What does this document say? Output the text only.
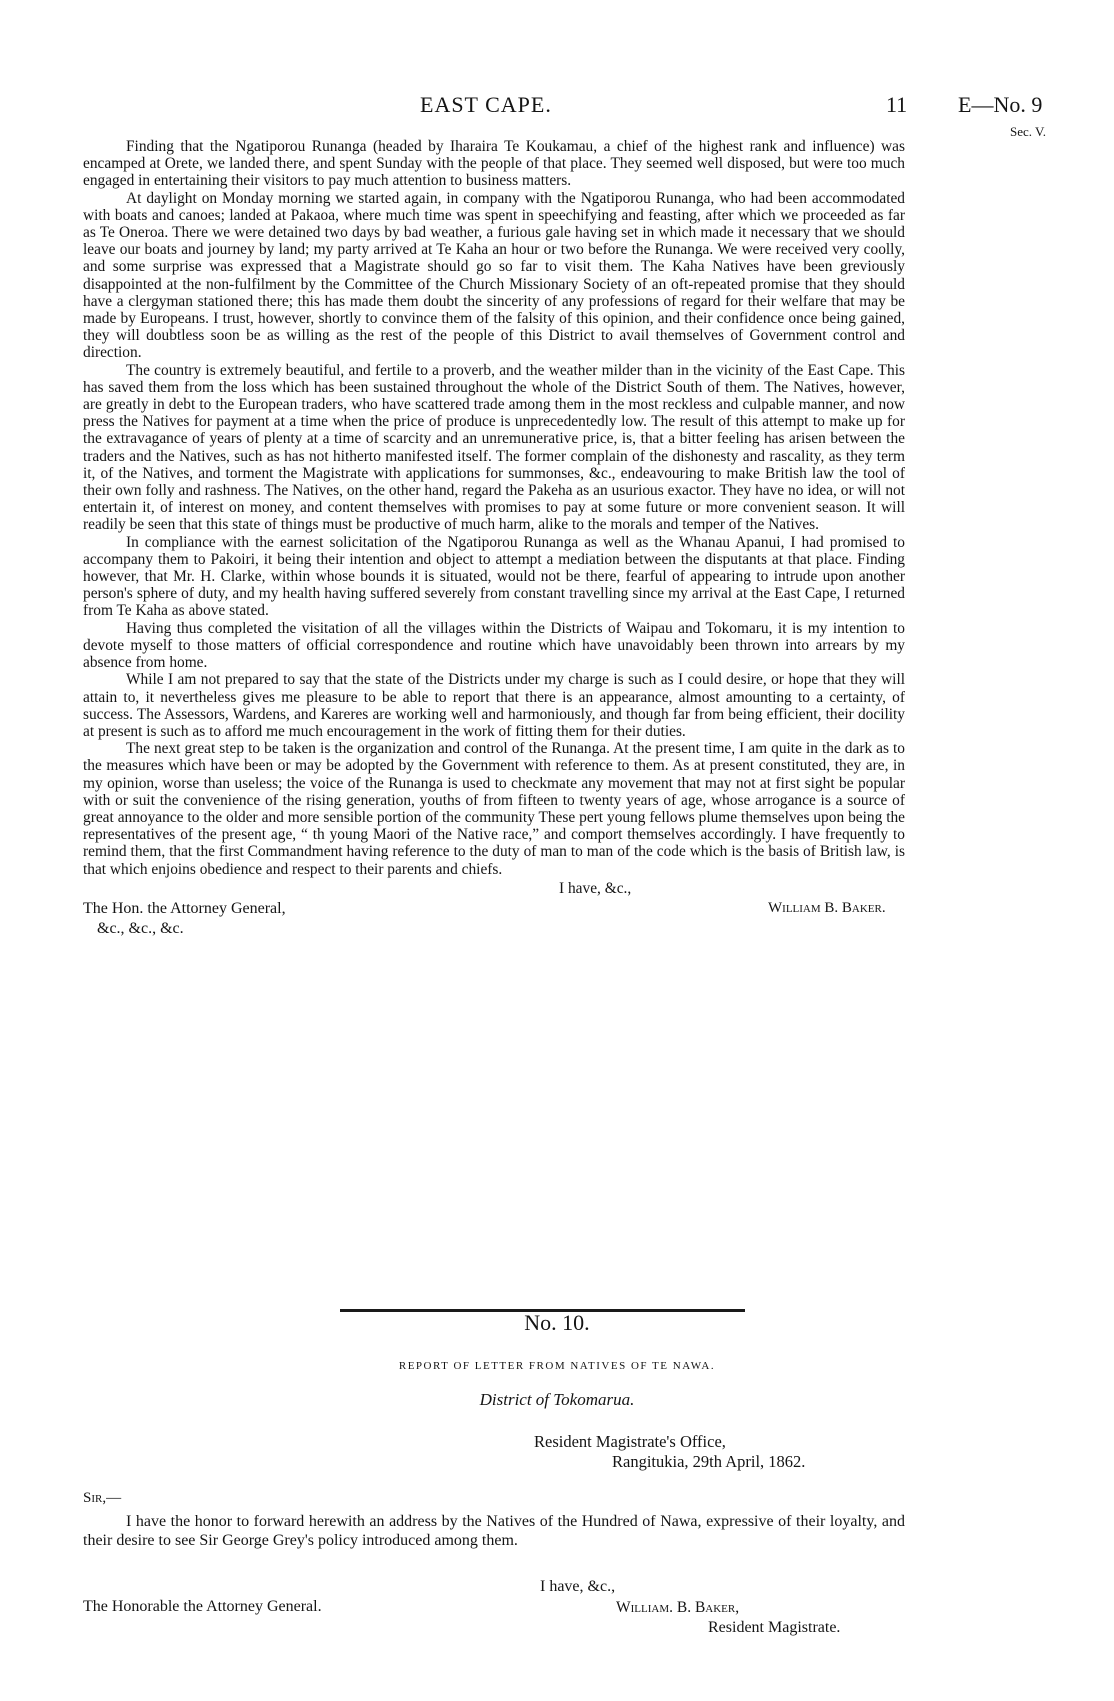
EAST CAPE.	11 E—No. 9
Sec. V.

Finding that the Ngatiporou Runanga (headed by Iharaira Te Koukamau, a chief of the highest rank and influence) was encamped at Orete, we landed there, and spent Sunday with the people of that place. They seemed well disposed, but were too much engaged in entertaining their visitors to pay much attention to business matters.

At daylight on Monday morning we started again, in company with the Ngatiporou Runanga, who had been accommodated with boats and canoes; landed at Pakaoa, where much time was spent in speechifying and feasting, after which we proceeded as far as Te Oneroa. There we were detained two days by bad weather, a furious gale having set in which made it necessary that we should leave our boats and journey by land; my party arrived at Te Kaha an hour or two before the Runanga. We were received very coolly, and some surprise was expressed that a Magistrate should go so far to visit them. The Kaha Natives have been greviously disappointed at the non-fulfilment by the Committee of the Church Missionary Society of an oft-repeated promise that they should have a clergyman stationed there; this has made them doubt the sincerity of any professions of regard for their welfare that may be made by Europeans. I trust, however, shortly to convince them of the falsity of this opinion, and their confidence once being gained, they will doubtless soon be as willing as the rest of the people of this District to avail themselves of Government control and direction.

The country is extremely beautiful, and fertile to a proverb, and the weather milder than in the vicinity of the East Cape. This has saved them from the loss which has been sustained throughout the whole of the District South of them. The Natives, however, are greatly in debt to the European traders, who have scattered trade among them in the most reckless and culpable manner, and now press the Natives for payment at a time when the price of produce is unprecedentedly low. The result of this attempt to make up for the extravagance of years of plenty at a time of scarcity and an unremunerative price, is, that a bitter feeling has arisen between the traders and the Natives, such as has not hitherto manifested itself. The former complain of the dishonesty and rascality, as they term it, of the Natives, and torment the Magistrate with applications for summonses, &c., endeavouring to make British law the tool of their own folly and rashness. The Natives, on the other hand, regard the Pakeha as an usurious exactor. They have no idea, or will not entertain it, of interest on money, and content themselves with promises to pay at some future or more convenient season. It will readily be seen that this state of things must be productive of much harm, alike to the morals and temper of the Natives.

In compliance with the earnest solicitation of the Ngatiporou Runanga as well as the Whanau Apanui, I had promised to accompany them to Pakoiri, it being their intention and object to attempt a mediation between the disputants at that place. Finding however, that Mr. H. Clarke, within whose bounds it is situated, would not be there, fearful of appearing to intrude upon another person's sphere of duty, and my health having suffered severely from constant travelling since my arrival at the East Cape, I returned from Te Kaha as above stated.

Having thus completed the visitation of all the villages within the Districts of Waipau and Tokomaru, it is my intention to devote myself to those matters of official correspondence and routine which have unavoidably been thrown into arrears by my absence from home.

While I am not prepared to say that the state of the Districts under my charge is such as I could desire, or hope that they will attain to, it nevertheless gives me pleasure to be able to report that there is an appearance, almost amounting to a certainty, of success. The Assessors, Wardens, and Kareres are working well and harmoniously, and though far from being efficient, their docility at present is such as to afford me much encouragement in the work of fitting them for their duties.

The next great step to be taken is the organization and control of the Runanga. At the present time, I am quite in the dark as to the measures which have been or may be adopted by the Government with reference to them. As at present constituted, they are, in my opinion, worse than useless; the voice of the Runanga is used to checkmate any movement that may not at first sight be popular with or suit the convenience of the rising generation, youths of from fifteen to twenty years of age, whose arrogance is a source of great annoyance to the older and more sensible portion of the community These pert young fellows plume themselves upon being the representatives of the present age, “ th young Maori of the Native race,” and comport themselves accordingly. I have frequently to remind them, that the first Commandment having reference to the duty of man to man of the code which is the basis of British law, is that which enjoins obedience and respect to their parents and chiefs.

I have, &c.,
The Hon. the Attorney General,
&c., &c., &c.
William B. Baker.
No. 10.
REPORT OF LETTER FROM NATIVES OF TE NAWA.
District of Tokomarua.
Resident Magistrate's Office,
Rangitukia, 29th April, 1862.
Sir,—
I have the honor to forward herewith an address by the Natives of the Hundred of Nawa, expressive of their loyalty, and their desire to see Sir George Grey's policy introduced among them.
I have, &c.,
The Honorable the Attorney General.	William. B. Baker,
Resident Magistrate.
